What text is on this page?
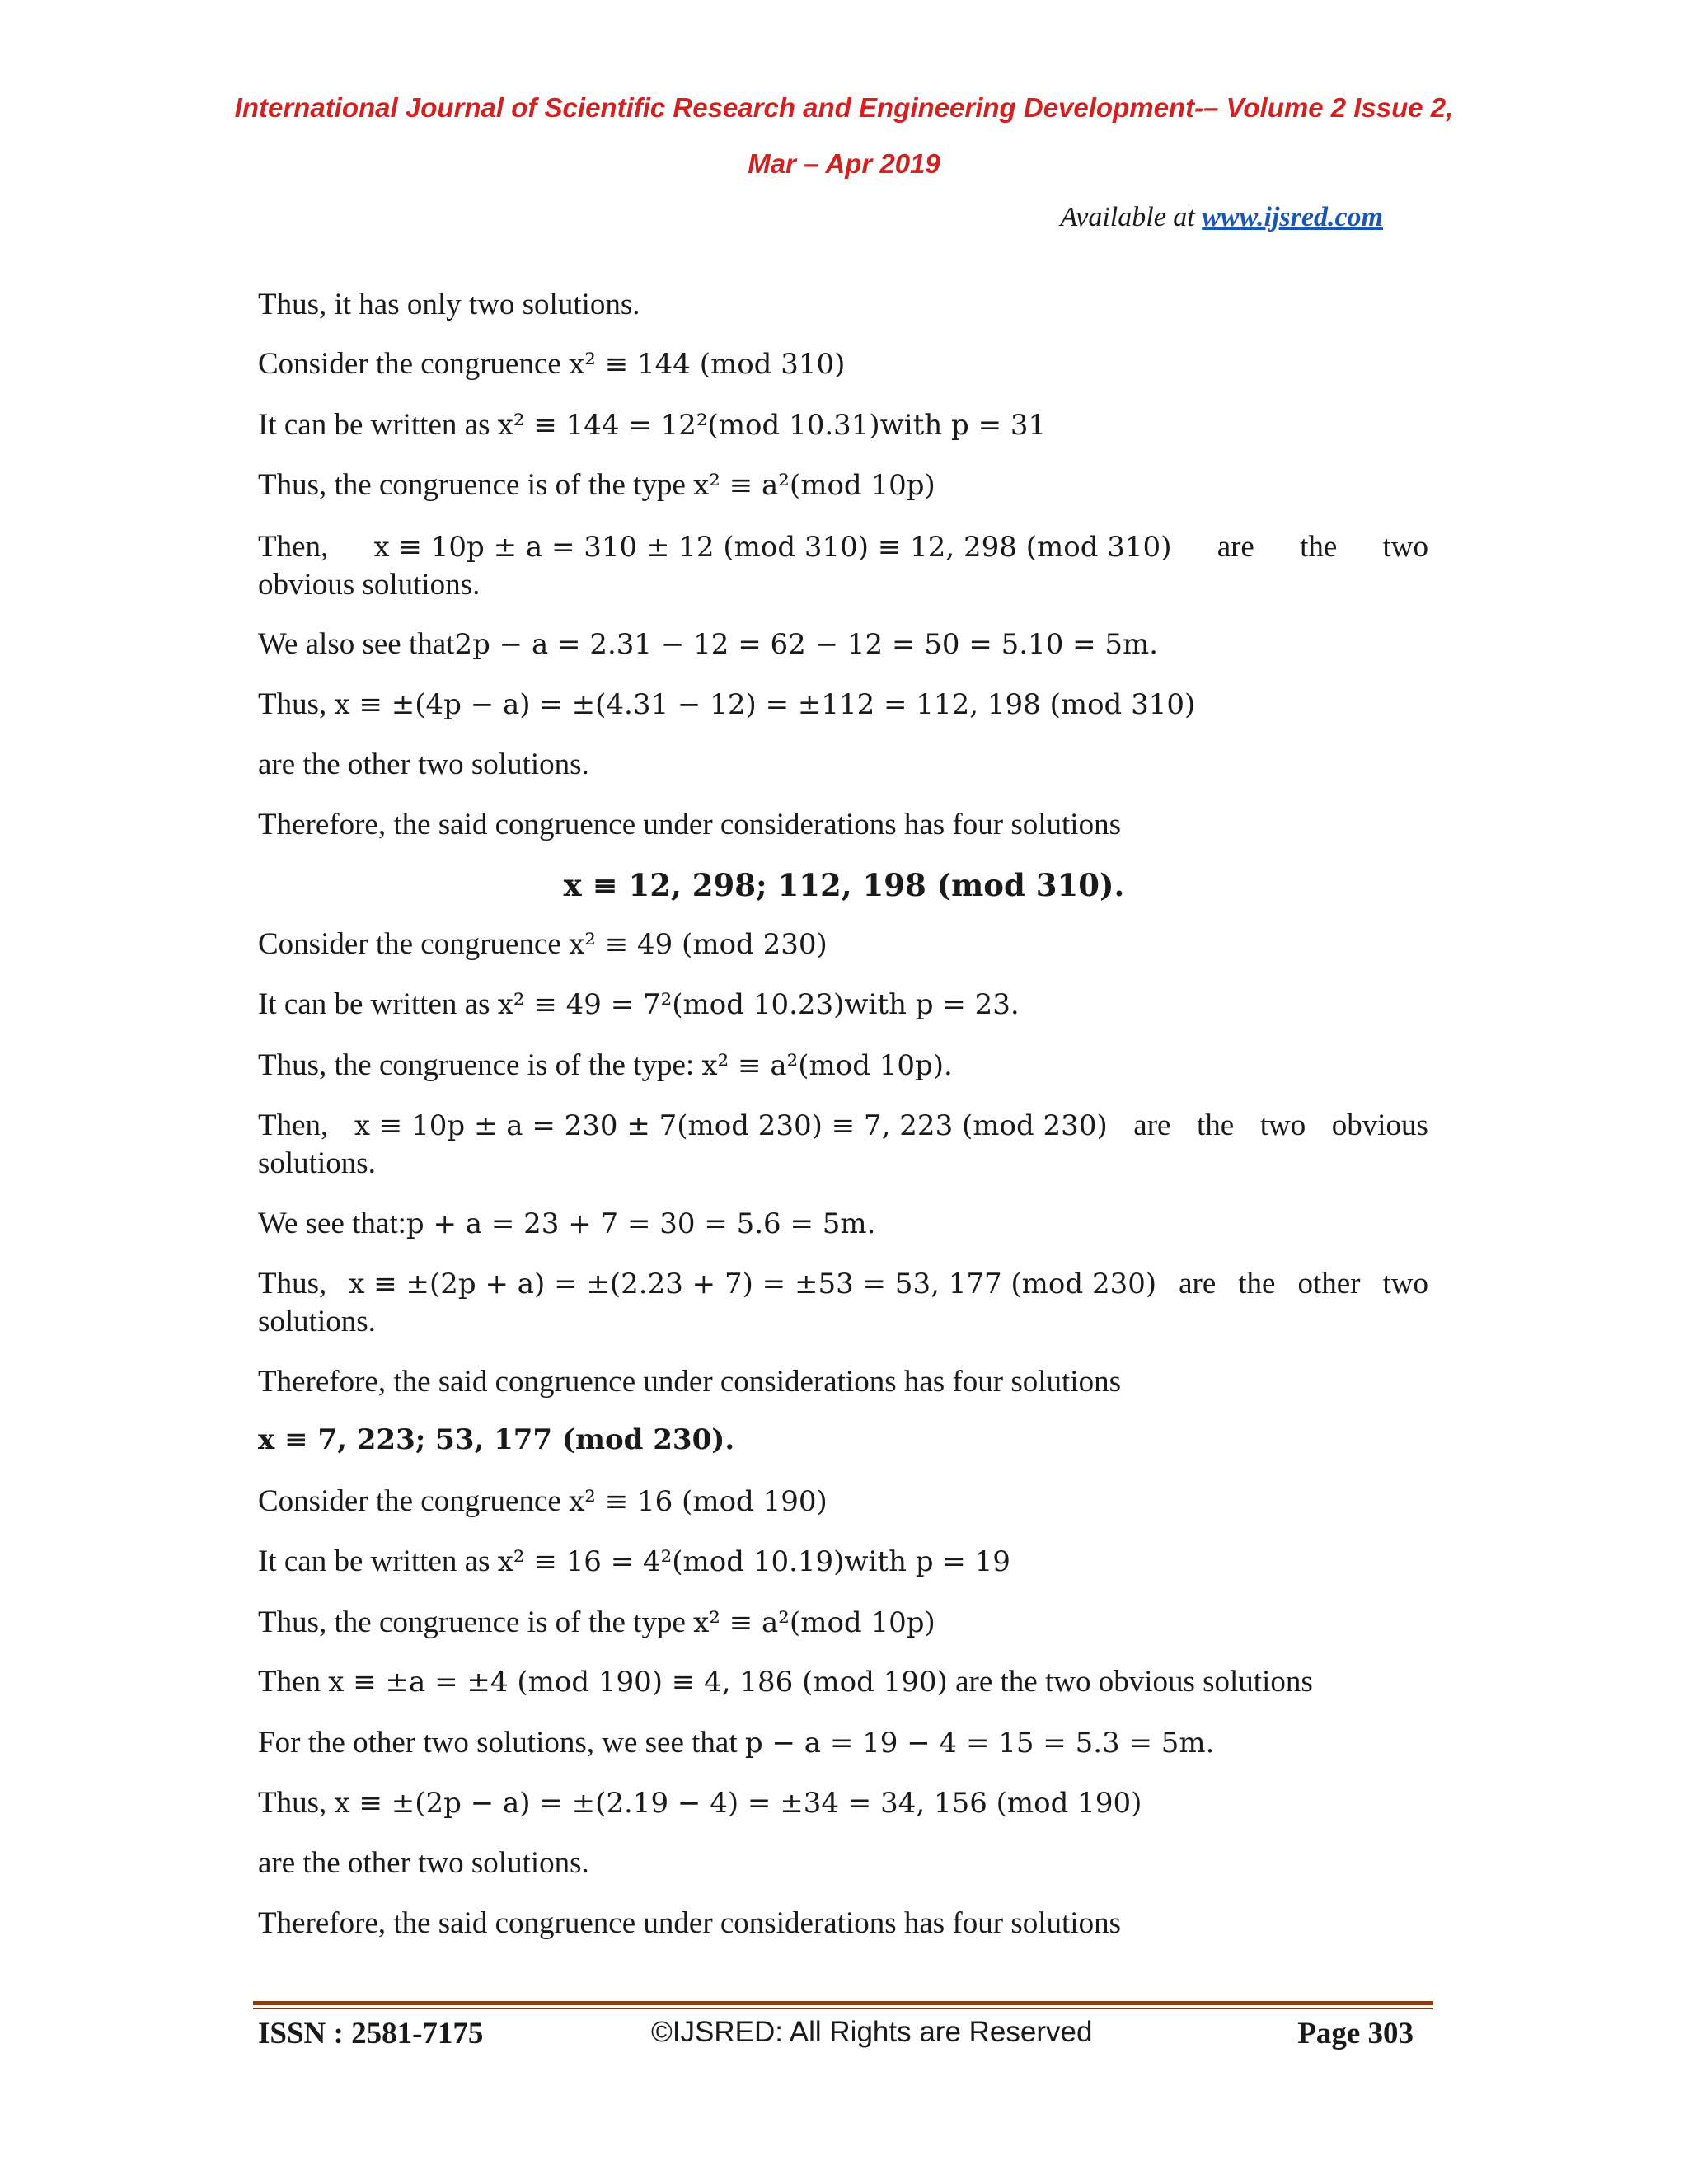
International Journal of Scientific Research and Engineering Development-– Volume 2 Issue 2,
Mar – Apr 2019
Available at www.ijsred.com
Thus, it has only two solutions.
Consider the congruence x² ≡ 144 (mod 310)
It can be written as x² ≡ 144 = 12²(mod 10.31)with p = 31
Thus, the congruence is of the type x² ≡ a²(mod 10p)
Then, x ≡ 10p ± a = 310 ± 12 (mod 310) ≡ 12, 298 (mod 310) are the two
obvious solutions.
We also see that2p − a = 2.31 − 12 = 62 − 12 = 50 = 5.10 = 5m.
Thus, x ≡ ±(4p − a) = ±(4.31 − 12) = ±112 = 112, 198 (mod 310)
are the other two solutions.
Therefore, the said congruence under considerations has four solutions
x ≡ 12, 298; 112, 198 (mod 310).
Consider the congruence x² ≡ 49 (mod 230)
It can be written as x² ≡ 49 = 7²(mod 10.23)with p = 23.
Thus, the congruence is of the type: x² ≡ a²(mod 10p).
Then, x ≡ 10p ± a = 230 ± 7(mod 230) ≡ 7, 223 (mod 230) are the two obvious
solutions.
We see that:p + a = 23 + 7 = 30 = 5.6 = 5m.
Thus, x ≡ ±(2p + a) = ±(2.23 + 7) = ±53 = 53, 177 (mod 230) are the other two
solutions.
Therefore, the said congruence under considerations has four solutions
x ≡ 7, 223; 53, 177 (mod 230).
Consider the congruence x² ≡ 16 (mod 190)
It can be written as x² ≡ 16 = 4²(mod 10.19)with p = 19
Thus, the congruence is of the type x² ≡ a²(mod 10p)
Then x ≡ ±a = ±4 (mod 190) ≡ 4, 186 (mod 190) are the two obvious solutions
For the other two solutions, we see that p − a = 19 − 4 = 15 = 5.3 = 5m.
Thus, x ≡ ±(2p − a) = ±(2.19 − 4) = ±34 = 34, 156 (mod 190)
are the other two solutions.
Therefore, the said congruence under considerations has four solutions
ISSN : 2581-7175	©IJSRED: All Rights are Reserved	Page 303
